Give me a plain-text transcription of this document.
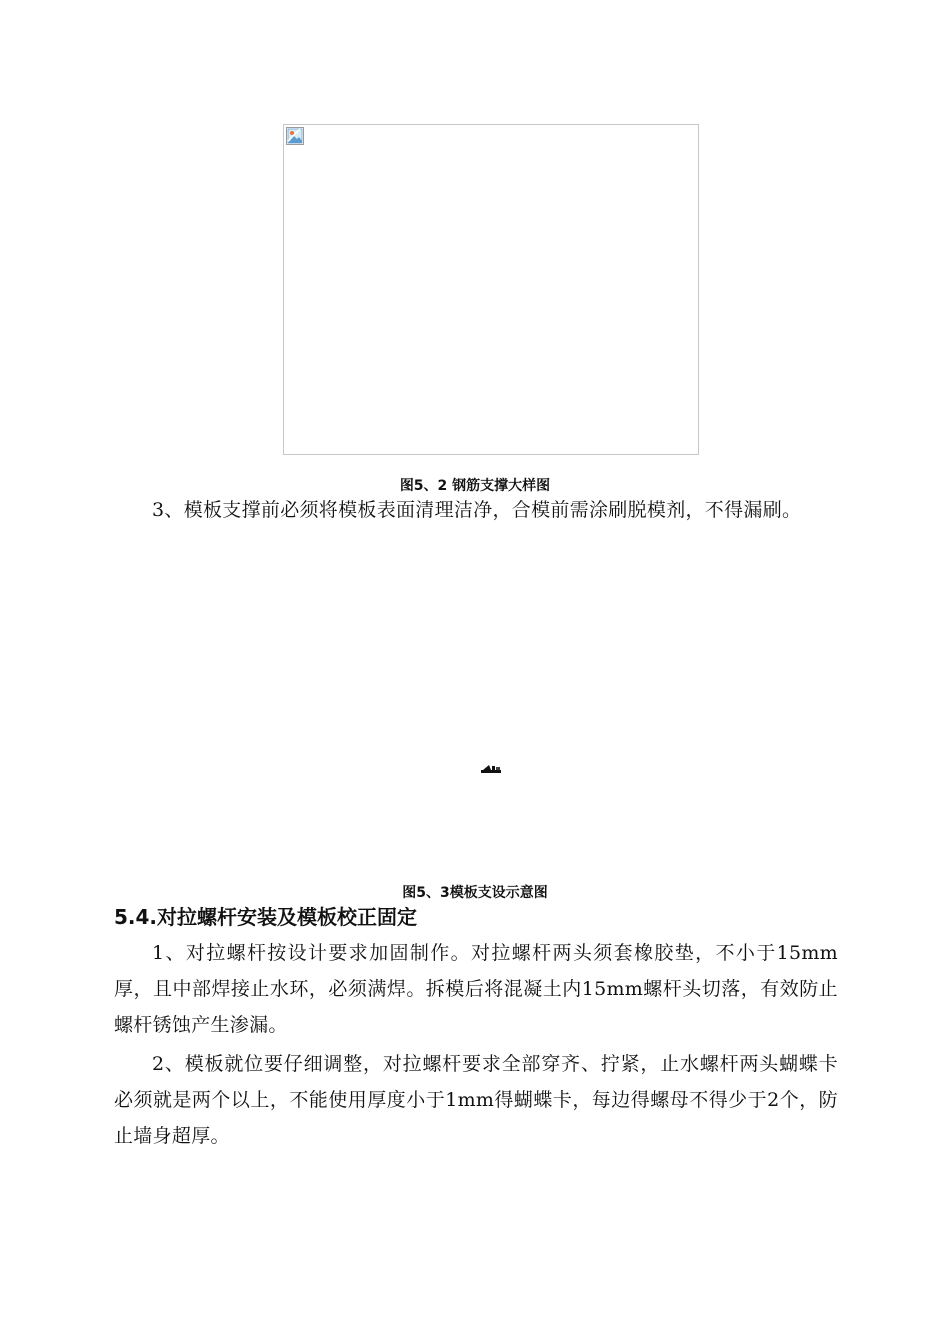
图5、2 钢筋支撑大样图
3、模板支撑前必须将模板表面清理洁净，合模前需涂刷脱模剂，不得漏刷。
图5、3模板支设示意图
5.4.对拉螺杆安装及模板校正固定
1、对拉螺杆按设计要求加固制作。对拉螺杆两头须套橡胶垫，不小于15mm厚，且中部焊接止水环，必须满焊。拆模后将混凝土内15mm螺杆头切落，有效防止螺杆锈蚀产生渗漏。
2、模板就位要仔细调整，对拉螺杆要求全部穿齐、拧紧，止水螺杆两头蝴蝶卡必须就是两个以上，不能使用厚度小于1mm得蝴蝶卡，每边得螺母不得少于2个，防止墙身超厚。
